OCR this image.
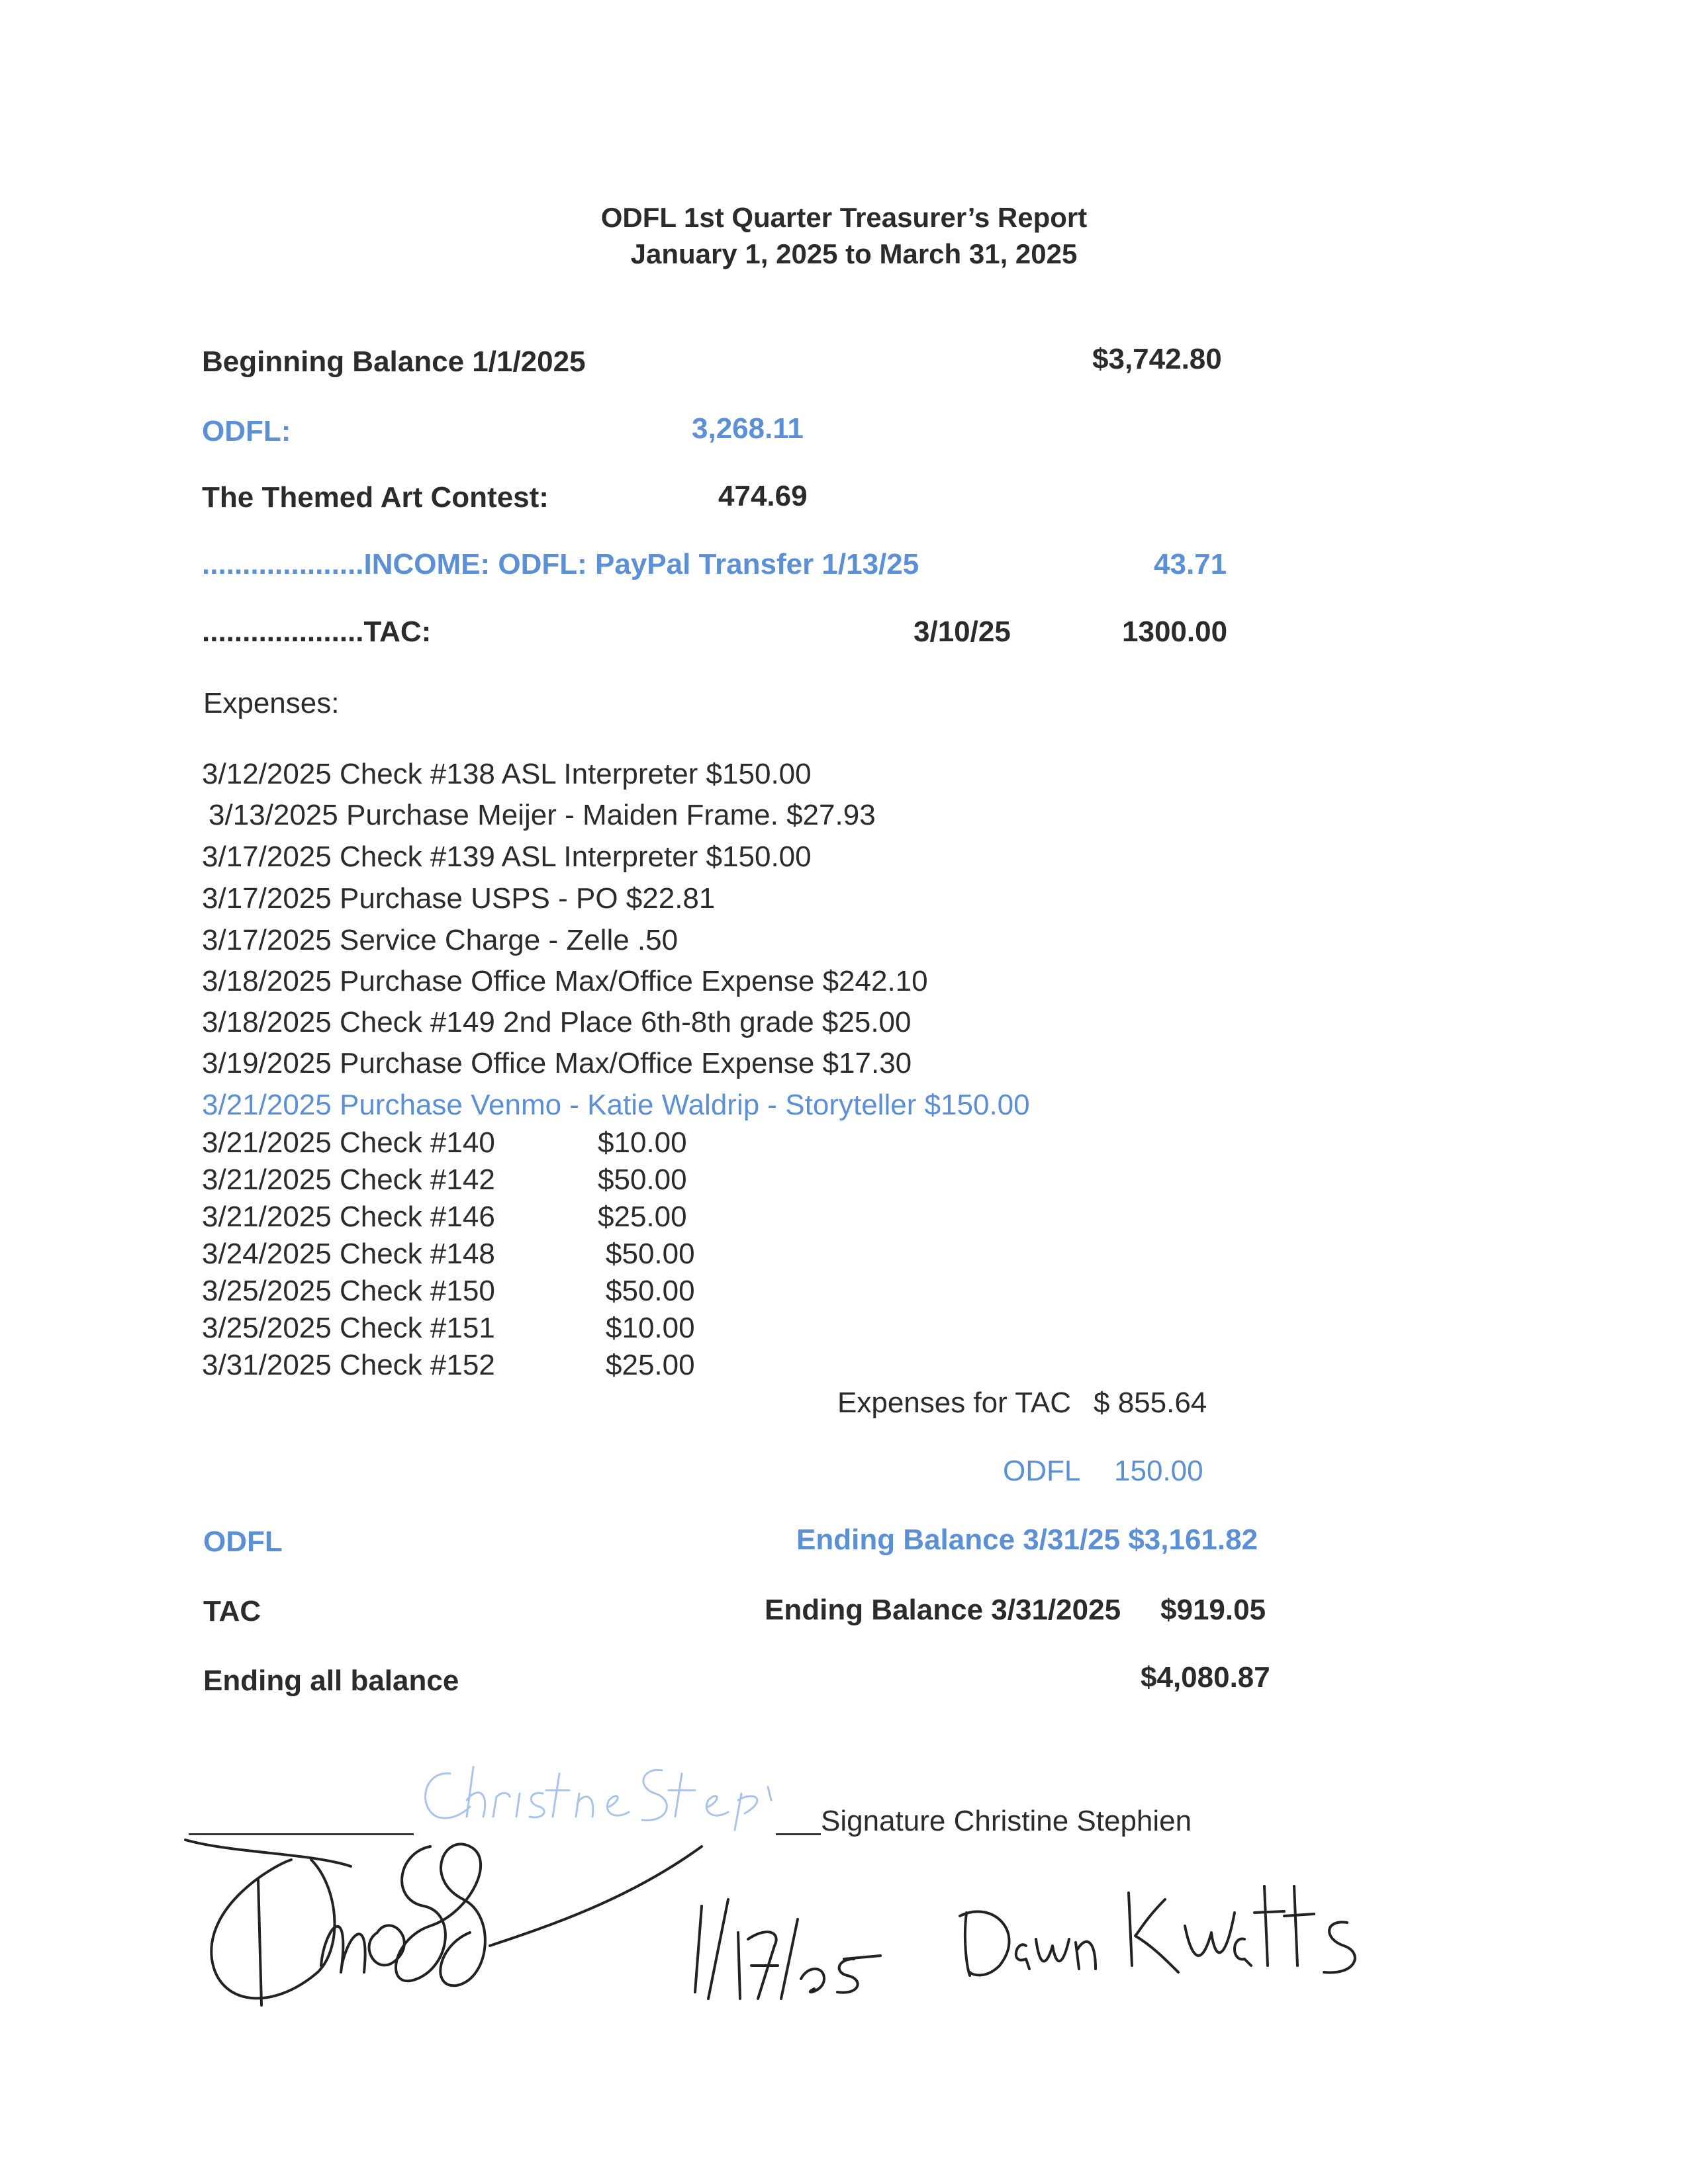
ODFL 1st Quarter Treasurer’s Report
January 1, 2025 to March 31, 2025
Beginning Balance 1/1/2025	$3,742.80
ODFL:	3,268.11
The Themed Art Contest:	474.69
....................INCOME: ODFL: PayPal Transfer 1/13/25	43.71
....................TAC:	3/10/25	1300.00
Expenses:
3/12/2025 Check #138 ASL Interpreter $150.00
3/13/2025 Purchase Meijer - Maiden Frame. $27.93
3/17/2025 Check #139 ASL Interpreter $150.00
3/17/2025 Purchase USPS - PO $22.81
3/17/2025 Service Charge - Zelle .50
3/18/2025 Purchase Office Max/Office Expense $242.10
3/18/2025 Check #149 2nd Place 6th-8th grade $25.00
3/19/2025 Purchase Office Max/Office Expense $17.30
3/21/2025 Purchase Venmo - Katie Waldrip - Storyteller $150.00
3/21/2025 Check #140	$10.00
3/21/2025 Check #142	$50.00
3/21/2025 Check #146	$25.00
3/24/2025 Check #148	$50.00
3/25/2025 Check #150	$50.00
3/25/2025 Check #151	$10.00
3/31/2025 Check #152	$25.00
Expenses for TAC $ 855.64
ODFL 150.00
ODFL	Ending Balance 3/31/25 $3,161.82
TAC	Ending Balance 3/31/2025 $919.05
Ending all balance	$4,080.87
Signature Christine Stephien
